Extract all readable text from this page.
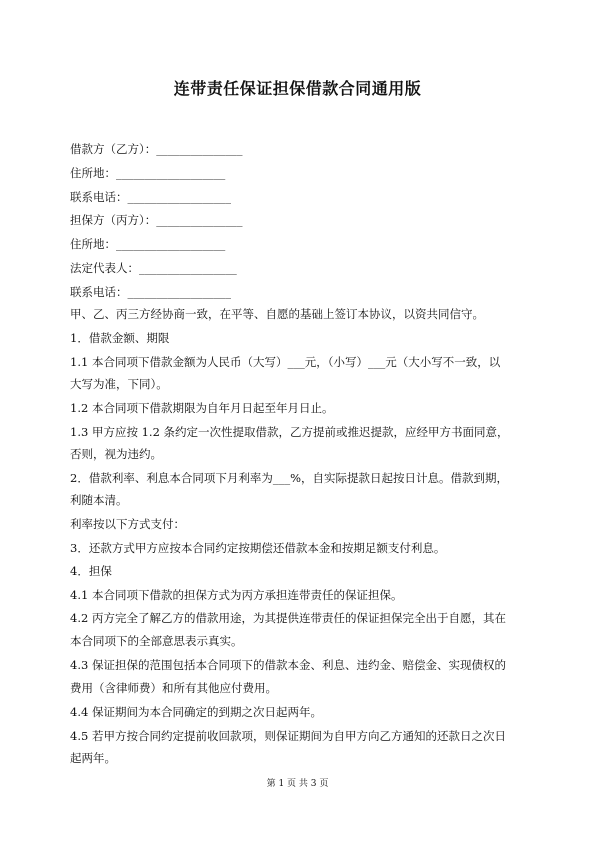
连带责任保证担保借款合同通用版
借款方（乙方）：_______________
住所地：___________________
联系电话：__________________
担保方（丙方）：_______________
住所地：___________________
法定代表人：_________________
联系电话：__________________
甲、乙、丙三方经协商一致，在平等、自愿的基础上签订本协议，以资共同信守。
1．借款金额、期限
1.1 本合同项下借款金额为人民币（大写）___元，（小写）___元（大小写不一致，以
大写为准，下同）。
1.2 本合同项下借款期限为自年月日起至年月日止。
1.3 甲方应按 1.2 条约定一次性提取借款，乙方提前或推迟提款，应经甲方书面同意，
否则，视为违约。
2．借款利率、利息本合同项下月利率为___%，自实际提款日起按日计息。借款到期，
利随本清。
利率按以下方式支付：
3．还款方式甲方应按本合同约定按期偿还借款本金和按期足额支付利息。
4．担保
4.1 本合同项下借款的担保方式为丙方承担连带责任的保证担保。
4.2 丙方完全了解乙方的借款用途，为其提供连带责任的保证担保完全出于自愿，其在
本合同项下的全部意思表示真实。
4.3 保证担保的范围包括本合同项下的借款本金、利息、违约金、赔偿金、实现债权的
费用（含律师费）和所有其他应付费用。
4.4 保证期间为本合同确定的到期之次日起两年。
4.5 若甲方按合同约定提前收回款项，则保证期间为自甲方向乙方通知的还款日之次日
起两年。
第 1 页 共 3 页
